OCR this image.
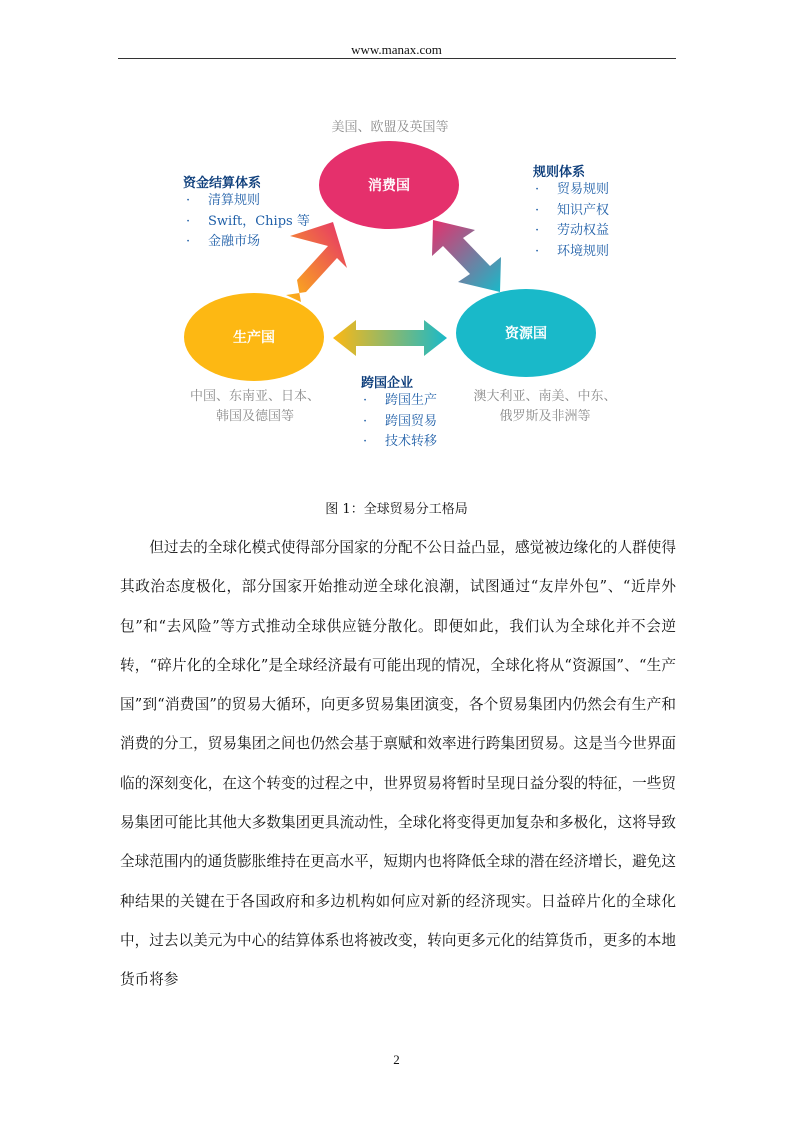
www.manax.com
消费国
生产国	资源国
美国、欧盟及英国等
中国、东南亚、日本、
韩国及德国等
澳大利亚、南美、中东、
俄罗斯及非洲等
资金结算体系
· 清算规则
· Swift，Chips 等
· 金融市场
规则体系
· 贸易规则
· 知识产权
· 劳动权益
· 环境规则
跨国企业
· 跨国生产
· 跨国贸易
· 技术转移
图 1：全球贸易分工格局

但过去的全球化模式使得部分国家的分配不公日益凸显，感觉被边缘化的人群使得其政治态度极化，部分国家开始推动逆全球化浪潮，试图通过“友岸外包”、“近岸外包”和“去风险”等方式推动全球供应链分散化。即便如此，我们认为全球化并不会逆转，“碎片化的全球化”是全球经济最有可能出现的情况，全球化将从“资源国”、“生产国”到“消费国”的贸易大循环，向更多贸易集团演变，各个贸易集团内仍然会有生产和消费的分工，贸易集团之间也仍然会基于禀赋和效率进行跨集团贸易。这是当今世界面临的深刻变化，在这个转变的过程之中，世界贸易将暂时呈现日益分裂的特征，一些贸易集团可能比其他大多数集团更具流动性，全球化将变得更加复杂和多极化，这将导致全球范围内的通货膨胀维持在更高水平，短期内也将降低全球的潜在经济增长，避免这种结果的关键在于各国政府和多边机构如何应对新的经济现实。日益碎片化的全球化中，过去以美元为中心的结算体系也将被改变，转向更多元化的结算货币，更多的本地货币将参

2
